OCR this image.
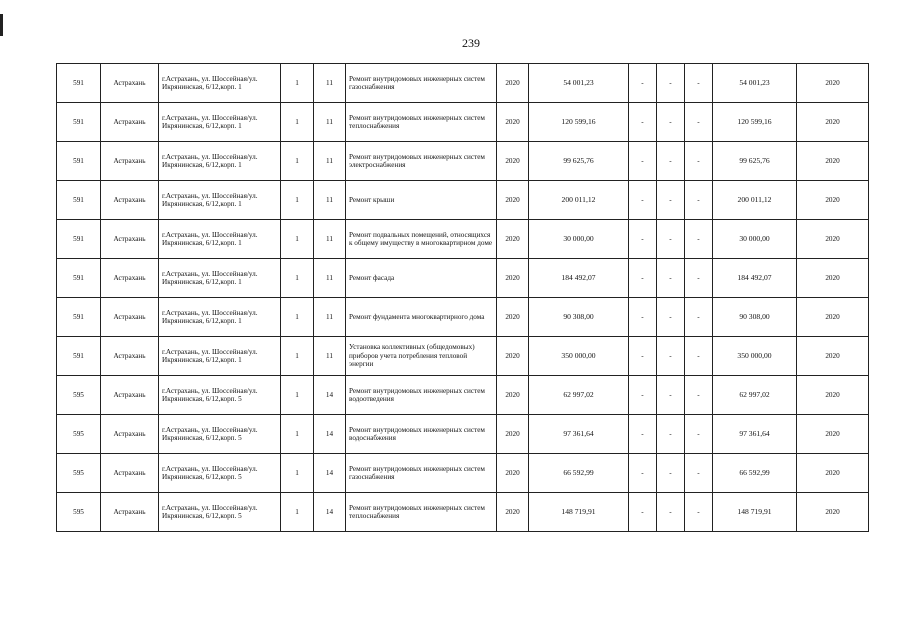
239
591	Астрахань	г.Астрахань, ул. Шоссейная/ул. Икрянинская, 6/12,корп. 1	1	11	Ремонт внутридомовых инженерных систем газоснабжения	2020	54 001,23	-	-	-	54 001,23	2020
591	Астрахань	г.Астрахань, ул. Шоссейная/ул. Икрянинская, 6/12,корп. 1	1	11	Ремонт внутридомовых инженерных систем теплоснабжения	2020	120 599,16	-	-	-	120 599,16	2020
591	Астрахань	г.Астрахань, ул. Шоссейная/ул. Икрянинская, 6/12,корп. 1	1	11	Ремонт внутридомовых инженерных систем электроснабжения	2020	99 625,76	-	-	-	99 625,76	2020
591	Астрахань	г.Астрахань, ул. Шоссейная/ул. Икрянинская, 6/12,корп. 1	1	11	Ремонт крыши	2020	200 011,12	-	-	-	200 011,12	2020
591	Астрахань	г.Астрахань, ул. Шоссейная/ул. Икрянинская, 6/12,корп. 1	1	11	Ремонт подвальных помещений, относящихся к общему имуществу в многоквартирном доме	2020	30 000,00	-	-	-	30 000,00	2020
591	Астрахань	г.Астрахань, ул. Шоссейная/ул. Икрянинская, 6/12,корп. 1	1	11	Ремонт фасада	2020	184 492,07	-	-	-	184 492,07	2020
591	Астрахань	г.Астрахань, ул. Шоссейная/ул. Икрянинская, 6/12,корп. 1	1	11	Ремонт фундамента многоквартирного дома	2020	90 308,00	-	-	-	90 308,00	2020
591	Астрахань	г.Астрахань, ул. Шоссейная/ул. Икрянинская, 6/12,корп. 1	1	11	Установка коллективных (общедомовых) приборов учета потребления тепловой энергии	2020	350 000,00	-	-	-	350 000,00	2020
595	Астрахань	г.Астрахань, ул. Шоссейная/ул. Икрянинская, 6/12,корп. 5	1	14	Ремонт внутридомовых инженерных систем водоотведения	2020	62 997,02	-	-	-	62 997,02	2020
595	Астрахань	г.Астрахань, ул. Шоссейная/ул. Икрянинская, 6/12,корп. 5	1	14	Ремонт внутридомовых инженерных систем водоснабжения	2020	97 361,64	-	-	-	97 361,64	2020
595	Астрахань	г.Астрахань, ул. Шоссейная/ул. Икрянинская, 6/12,корп. 5	1	14	Ремонт внутридомовых инженерных систем газоснабжения	2020	66 592,99	-	-	-	66 592,99	2020
595	Астрахань	г.Астрахань, ул. Шоссейная/ул. Икрянинская, 6/12,корп. 5	1	14	Ремонт внутридомовых инженерных систем теплоснабжения	2020	148 719,91	-	-	-	148 719,91	2020
